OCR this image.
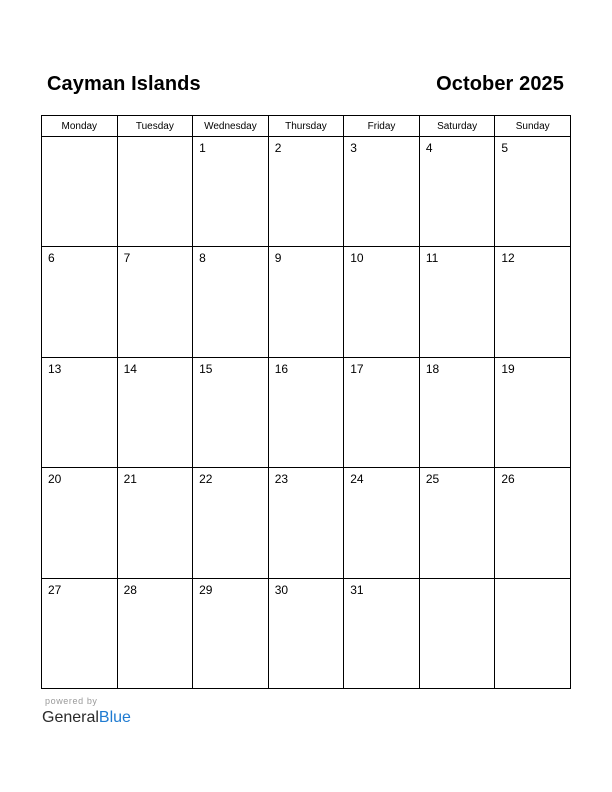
Cayman Islands	October 2025
Monday	Tuesday	Wednesday	Thursday	Friday	Saturday	Sunday
		1	2	3	4	5
6	7	8	9	10	11	12
13	14	15	16	17	18	19
20	21	22	23	24	25	26
27	28	29	30	31		
powered by
GeneralBlue
